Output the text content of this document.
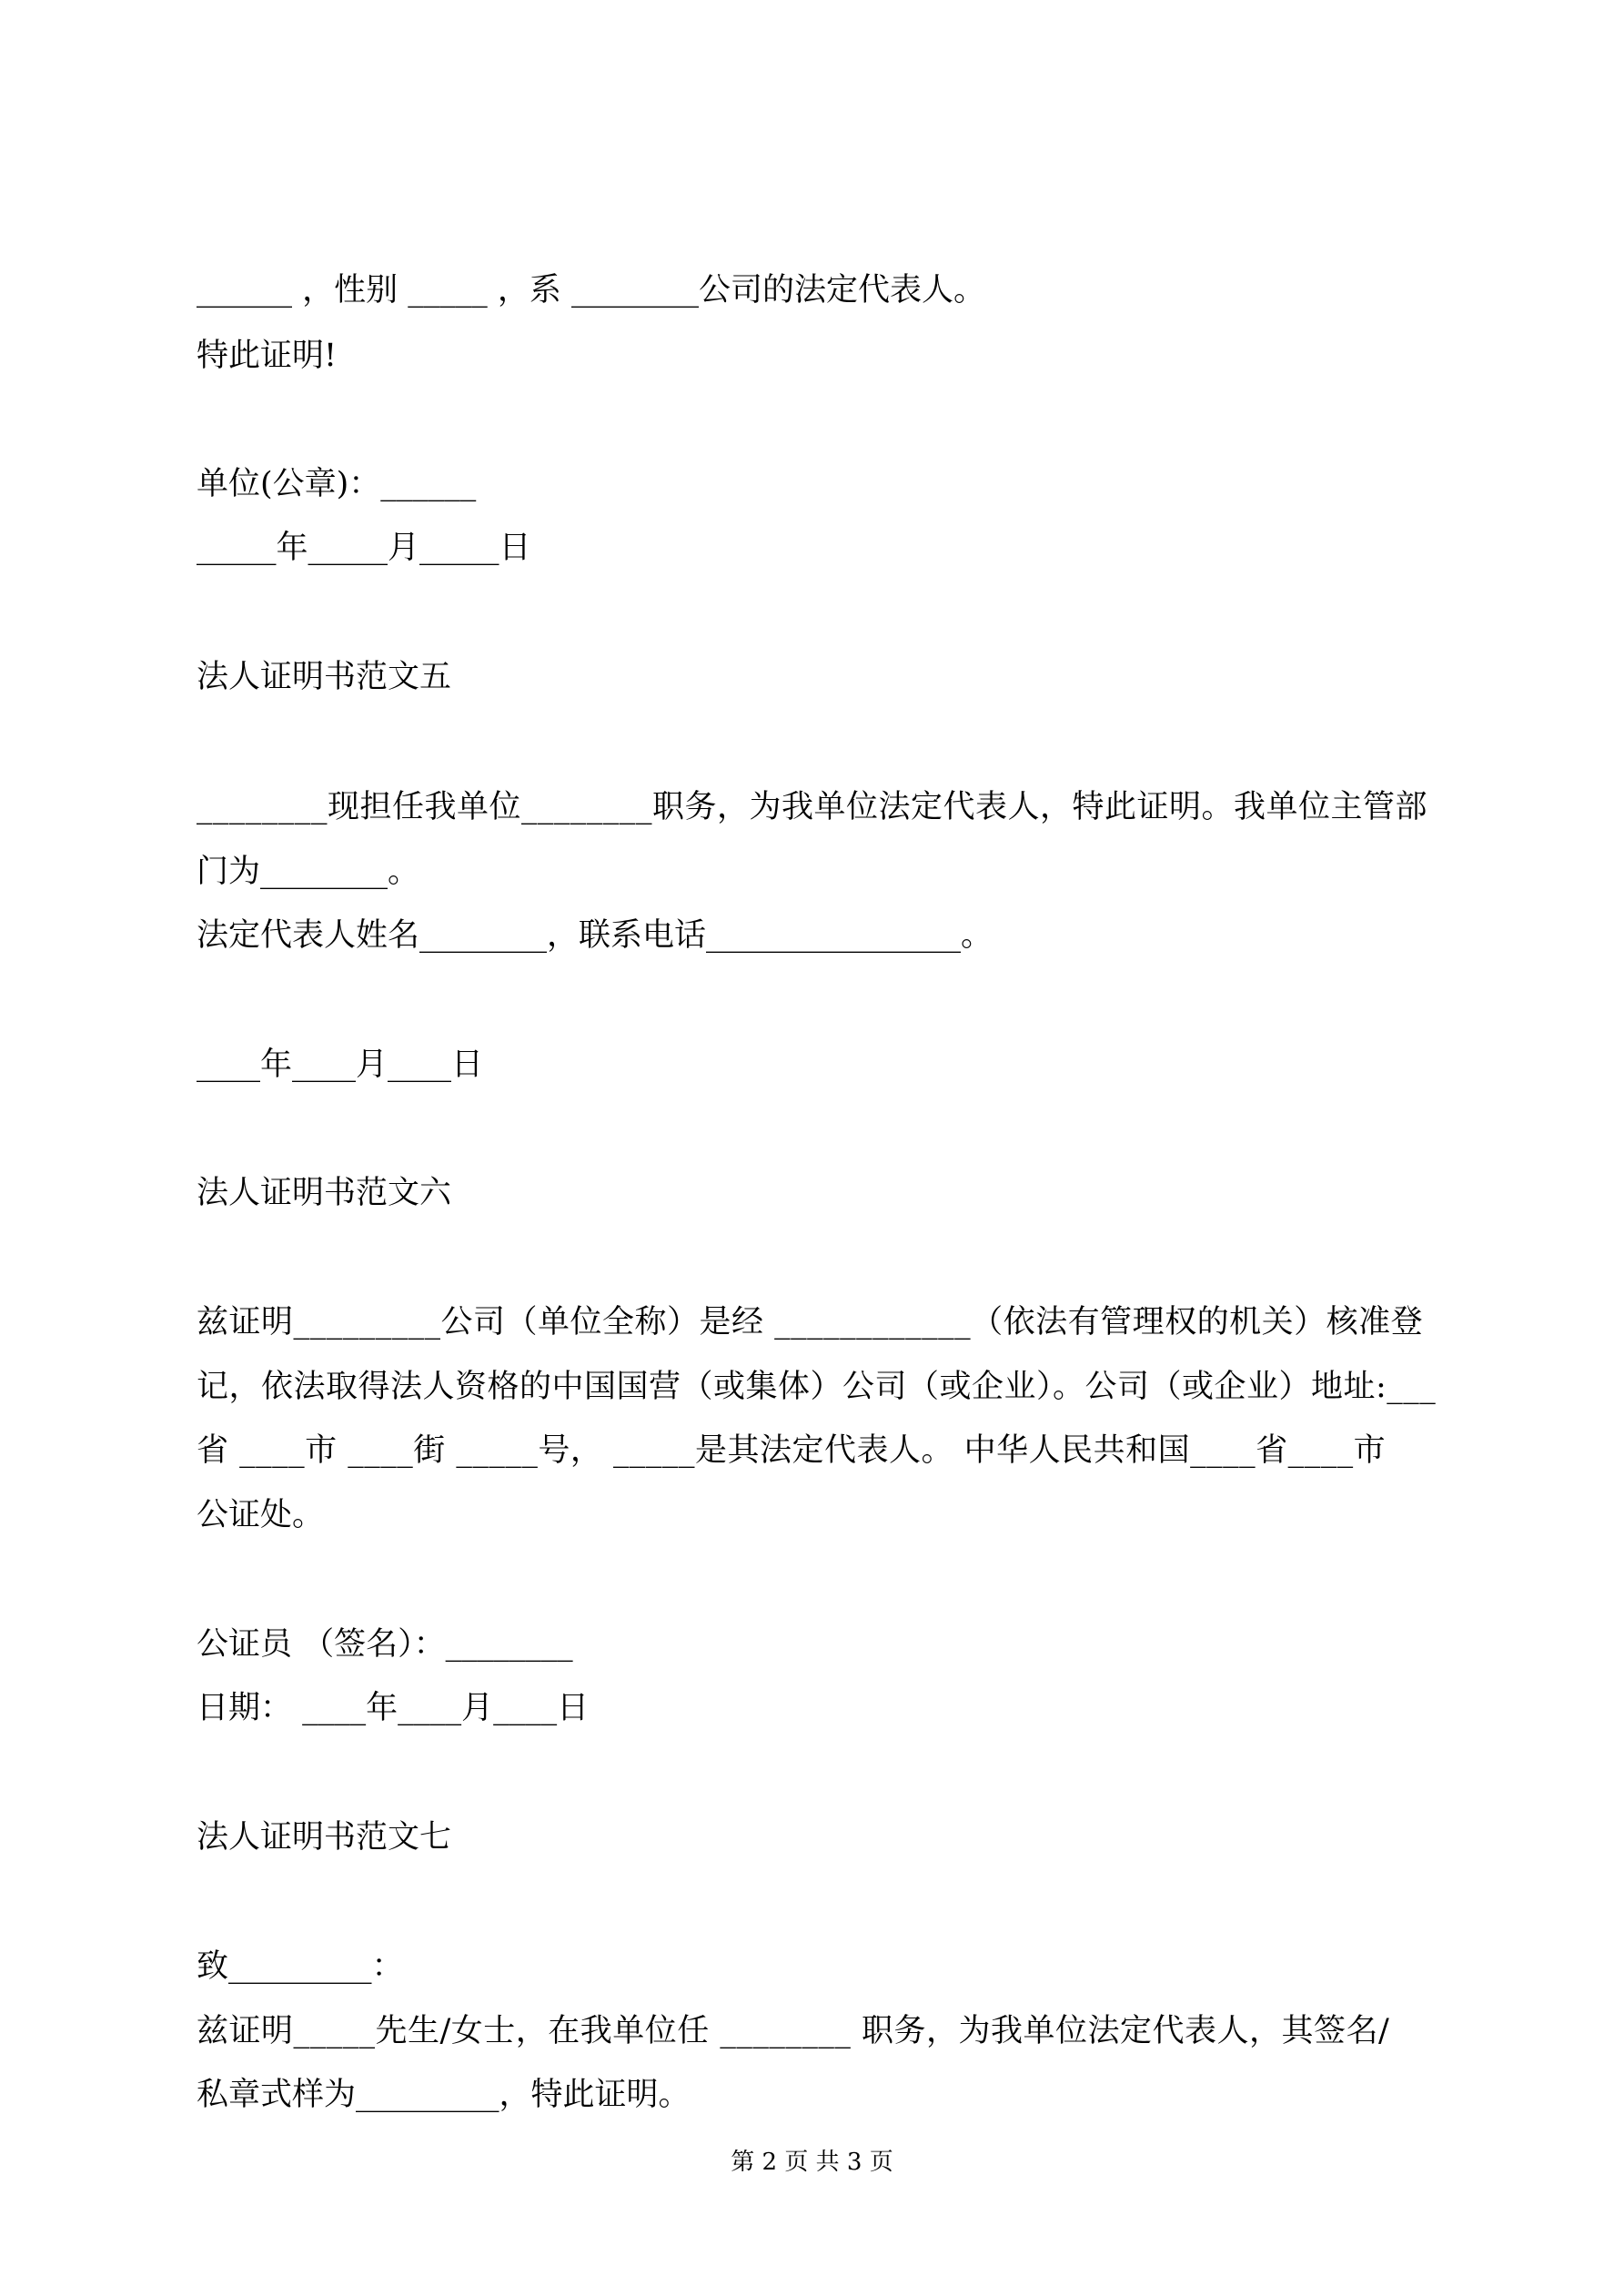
______ ，性别 _____ ，系 ________公司的法定代表人。

特此证明!

单位(公章)：______

_____年_____月_____日

法人证明书范文五

________现担任我单位________职务，为我单位法定代表人，特此证明。我单位主管部

门为________。

法定代表人姓名________，联系电话________________。

____年____月____日

法人证明书范文六

兹证明_________公司（单位全称）是经 ____________（依法有管理权的机关）核准登

记，依法取得法人资格的中国国营（或集体）公司（或企业）。公司（或企业）地址:___

省 ____市 ____街 _____号， _____是其法定代表人。 中华人民共和国____省____市

公证处。

公证员 （签名）：________

日期： ____年____月____日

法人证明书范文七

致_________：

兹证明_____先生/女士，在我单位任 ________ 职务，为我单位法定代表人，其签名/

私章式样为_________，特此证明。

第 2 页 共 3 页
